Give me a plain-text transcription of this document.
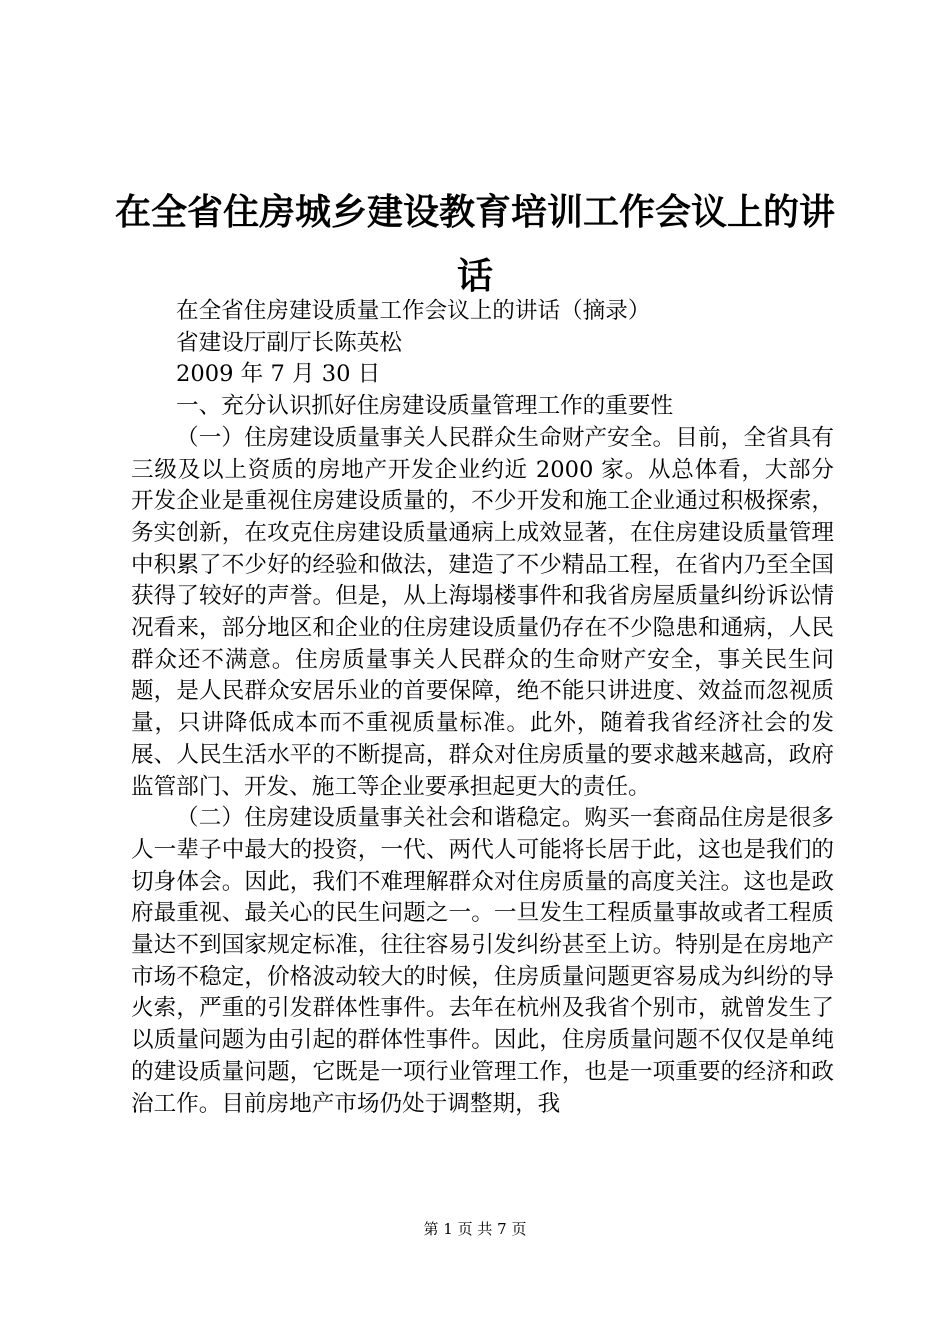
在全省住房城乡建设教育培训工作会议上的讲话

在全省住房建设质量工作会议上的讲话（摘录）

省建设厅副厅长陈英松

2009 年 7 月 30 日

一、充分认识抓好住房建设质量管理工作的重要性

（一）住房建设质量事关人民群众生命财产安全。目前，全省具有三级及以上资质的房地产开发企业约近 2000 家。从总体看，大部分开发企业是重视住房建设质量的，不少开发和施工企业通过积极探索，务实创新，在攻克住房建设质量通病上成效显著，在住房建设质量管理中积累了不少好的经验和做法，建造了不少精品工程，在省内乃至全国获得了较好的声誉。但是，从上海塌楼事件和我省房屋质量纠纷诉讼情况看来，部分地区和企业的住房建设质量仍存在不少隐患和通病，人民群众还不满意。住房质量事关人民群众的生命财产安全，事关民生问题，是人民群众安居乐业的首要保障，绝不能只讲进度、效益而忽视质量，只讲降低成本而不重视质量标准。此外，随着我省经济社会的发展、人民生活水平的不断提高，群众对住房质量的要求越来越高，政府监管部门、开发、施工等企业要承担起更大的责任。

（二）住房建设质量事关社会和谐稳定。购买一套商品住房是很多人一辈子中最大的投资，一代、两代人可能将长居于此，这也是我们的切身体会。因此，我们不难理解群众对住房质量的高度关注。这也是政府最重视、最关心的民生问题之一。一旦发生工程质量事故或者工程质量达不到国家规定标准，往往容易引发纠纷甚至上访。特别是在房地产市场不稳定，价格波动较大的时候，住房质量问题更容易成为纠纷的导火索，严重的引发群体性事件。去年在杭州及我省个别市，就曾发生了以质量问题为由引起的群体性事件。因此，住房质量问题不仅仅是单纯的建设质量问题，它既是一项行业管理工作，也是一项重要的经济和政治工作。目前房地产市场仍处于调整期，我

第 1 页 共 7 页
